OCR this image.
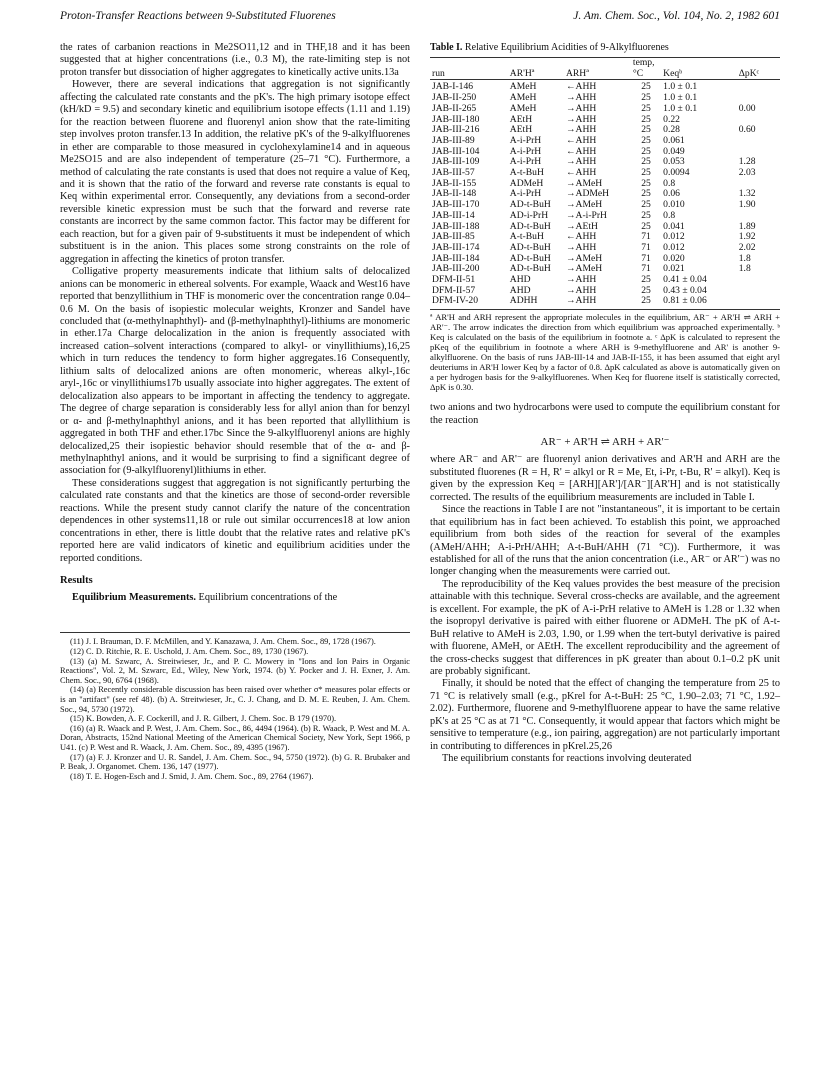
Proton-Transfer Reactions between 9-Substituted Fluorenes	J. Am. Chem. Soc., Vol. 104, No. 2, 1982 601

the rates of carbanion reactions in Me2SO11,12 and in THF,18 and it has been suggested that at higher concentrations (i.e., 0.3 M), the rate-limiting step is not proton transfer but dissociation of higher aggregates to kinetically active units.13a

However, there are several indications that aggregation is not significantly affecting the calculated rate constants and the pK's. The high primary isotope effect (kH/kD = 9.5) and secondary kinetic and equilibrium isotope effects (1.11 and 1.19) for the reaction between fluorene and fluorenyl anion show that the rate-limiting step involves proton transfer.13 In addition, the relative pK's of the 9-alkylfluorenes in ether are comparable to those measured in cyclohexylamine14 and in aqueous Me2SO15 and are also independent of temperature (25–71 °C). Furthermore, a method of calculating the rate constants is used that does not require a value of Keq, and it is shown that the ratio of the forward and reverse rate constants is equal to Keq within experimental error. Consequently, any deviations from a second-order reversible kinetic expression must be such that the forward and reverse rate constants are incorrect by the same common factor. This factor may be different for each reaction, but for a given pair of 9-substituents it must be independent of which substituent is in the anion. This places some strong constraints on the role of aggregation in affecting the kinetics of proton transfer.

Colligative property measurements indicate that lithium salts of delocalized anions can be monomeric in ethereal solvents. For example, Waack and West16 have reported that benzyllithium in THF is monomeric over the concentration range 0.04–0.6 M. On the basis of isopiestic molecular weights, Kronzer and Sandel have concluded that (α-methylnaphthyl)- and (β-methylnaphthyl)-lithiums are monomeric in ether.17a Charge delocalization in the anion is frequently associated with increased cation–solvent interactions (compared to alkyl- or vinyllithiums),16,25 which in turn reduces the tendency to form higher aggregates.16 Consequently, lithium salts of delocalized anions are often monomeric, whereas alkyl-,16c aryl-,16c or vinyllithiums17b usually associate into higher aggregates. The extent of delocalization also appears to be important in affecting the tendency to aggregate. The degree of charge separation is considerably less for allyl anion than for benzyl or α- and β-methylnaphthyl anions, and it has been reported that allyllithium is aggregated in both THF and ether.17bc Since the 9-alkylfluorenyl anions are highly delocalized,25 their isopiestic behavior should resemble that of the α- and β-methylnaphthyl anions, and it would be surprising to find a significant degree of association for (9-alkylfluorenyl)lithiums in ether.

These considerations suggest that aggregation is not significantly perturbing the calculated rate constants and that the kinetics are those of second-order reversible reactions. While the present study cannot clarify the nature of the concentration dependences in other systems11,18 or rule out similar occurrences18 at low anion concentrations in ether, there is little doubt that the relative rates and relative pK's reported here are valid indicators of kinetic and equilibrium acidities under the reported conditions.

Results

Equilibrium Measurements. Equilibrium concentrations of the

(11) J. I. Brauman, D. F. McMillen, and Y. Kanazawa, J. Am. Chem. Soc., 89, 1728 (1967).
(12) C. D. Ritchie, R. E. Uschold, J. Am. Chem. Soc., 89, 1730 (1967).
(13) (a) M. Szwarc, A. Streitwieser, Jr., and P. C. Mowery in "Ions and Ion Pairs in Organic Reactions", Vol. 2, M. Szwarc, Ed., Wiley, New York, 1974. (b) Y. Pocker and J. H. Exner, J. Am. Chem. Soc., 90, 6764 (1968).
(14) (a) Recently considerable discussion has been raised over whether σ* measures polar effects or is an "artifact" (see ref 48). (b) A. Streitwieser, Jr., C. J. Chang, and D. M. E. Reuben, J. Am. Chem. Soc., 94, 5730 (1972).
(15) K. Bowden, A. F. Cockerill, and J. R. Gilbert, J. Chem. Soc. B 179 (1970).
(16) (a) R. Waack and P. West, J. Am. Chem. Soc., 86, 4494 (1964). (b) R. Waack, P. West and M. A. Doran, Abstracts, 152nd National Meeting of the American Chemical Society, New York, Sept 1966, p U41. (c) P. West and R. Waack, J. Am. Chem. Soc., 89, 4395 (1967).
(17) (a) F. J. Kronzer and U. R. Sandel, J. Am. Chem. Soc., 94, 5750 (1972). (b) G. R. Brubaker and P. Beak, J. Organomet. Chem. 136, 147 (1977).
(18) T. E. Hogen-Esch and J. Smid, J. Am. Chem. Soc., 89, 2764 (1967).
Table I. Relative Equilibrium Acidities of 9-Alkylfluorenes
run	AR'Hª	ARHª	temp, °C	Keqᵇ	ΔpKᶜ
JAB-I-146	AMeH	←AHH	25	1.0 ± 0.1	
JAB-II-250	AMeH	→AHH	25	1.0 ± 0.1	
JAB-II-265	AMeH	→AHH	25	1.0 ± 0.1	0.00
JAB-III-180	AEtH	→AHH	25	0.22	
JAB-III-216	AEtH	→AHH	25	0.28	0.60
JAB-III-89	A-i-PrH	←AHH	25	0.061	
JAB-III-104	A-i-PrH	←AHH	25	0.049	
JAB-III-109	A-i-PrH	→AHH	25	0.053	1.28
JAB-III-57	A-t-BuH	←AHH	25	0.0094	2.03
JAB-II-155	ADMeH	→AMeH	25	0.8	
JAB-II-148	A-i-PrH	→ADMeH	25	0.06	1.32
JAB-III-170	AD-t-BuH	→AMeH	25	0.010	1.90
JAB-III-14	AD-i-PrH	→A-i-PrH	25	0.8	
JAB-III-188	AD-t-BuH	→AEtH	25	0.041	1.89
JAB-III-85	A-t-BuH	←AHH	71	0.012	1.92
JAB-III-174	AD-t-BuH	→AHH	71	0.012	2.02
JAB-III-184	AD-t-BuH	→AMeH	71	0.020	1.8
JAB-III-200	AD-t-BuH	→AMeH	71	0.021	1.8
DFM-II-51	AHD	→AHH	25	0.41 ± 0.04	
DFM-II-57	AHD	→AHH	25	0.43 ± 0.04	
DFM-IV-20	ADHH	→AHH	25	0.81 ± 0.06	

ª AR'H and ARH represent the appropriate molecules in the equilibrium, AR⁻ + AR'H ⇌ ARH + AR'⁻. The arrow indicates the direction from which equilibrium was approached experimentally. ᵇ Keq is calculated on the basis of the equilibrium in footnote a. ᶜ ΔpK is calculated to represent the pKeq of the equilibrium in footnote a where ARH is 9-methylfluorene and AR' is another 9-alkylfluorene. On the basis of runs JAB-III-14 and JAB-II-155, it has been assumed that eight aryl deuteriums in AR'H lower Keq by a factor of 0.8. ΔpK calculated as above is automatically given on a per hydrogen basis for the 9-alkylfluorenes. When Keq for fluorene itself is statistically corrected, ΔpK is 0.30.

two anions and two hydrocarbons were used to compute the equilibrium constant for the reaction

AR⁻ + AR'H ⇌ ARH + AR'⁻

where AR⁻ and AR'⁻ are fluorenyl anion derivatives and AR'H and ARH are the substituted fluorenes (R = H, R' = alkyl or R = Me, Et, i-Pr, t-Bu, R' = alkyl). Keq is given by the expression Keq = [ARH][AR']/[AR⁻][AR'H] and is not statistically corrected. The results of the equilibrium measurements are included in Table I.

Since the reactions in Table I are not "instantaneous", it is important to be certain that equilibrium has in fact been achieved. To establish this point, we approached equilibrium from both sides of the reaction for several of the examples (AMeH/AHH; A-i-PrH/AHH; A-t-BuH/AHH (71 °C)). Furthermore, it was established for all of the runs that the anion concentration (i.e., AR⁻ or AR'⁻) was no longer changing when the measurements were carried out.

The reproducibility of the Keq values provides the best measure of the precision attainable with this technique. Several cross-checks are available, and the agreement is excellent. For example, the pK of A-i-PrH relative to AMeH is 1.28 or 1.32 when the isopropyl derivative is paired with either fluorene or ADMeH. The pK of A-t-BuH relative to AMeH is 2.03, 1.90, or 1.99 when the tert-butyl derivative is paired with fluorene, AMeH, or AEtH. The excellent reproducibility and the agreement of the cross-checks suggest that differences in pK greater than about 0.1–0.2 pK unit are probably significant.

Finally, it should be noted that the effect of changing the temperature from 25 to 71 °C is relatively small (e.g., pKrel for A-t-BuH: 25 °C, 1.90–2.03; 71 °C, 1.92–2.02). Furthermore, fluorene and 9-methylfluorene appear to have the same relative pK's at 25 °C as at 71 °C. Consequently, it would appear that factors which might be sensitive to temperature (e.g., ion pairing, aggregation) are not particularly important in contributing to differences in pKrel.25,26

The equilibrium constants for reactions involving deuterated
